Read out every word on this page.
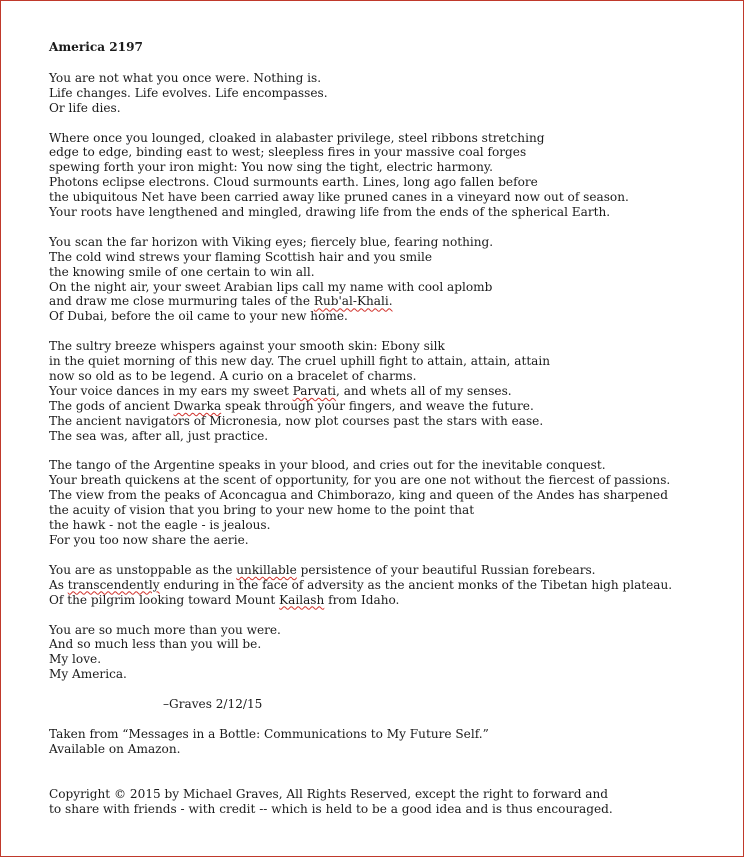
America 2197
You are not what you once were. Nothing is.
Life changes. Life evolves. Life encompasses.
Or life dies.
Where once you lounged, cloaked in alabaster privilege, steel ribbons stretching
edge to edge, binding east to west; sleepless fires in your massive coal forges
spewing forth your iron might: You now sing the tight, electric harmony.
Photons eclipse electrons. Cloud surmounts earth. Lines, long ago fallen before
the ubiquitous Net have been carried away like pruned canes in a vineyard now out of season.
Your roots have lengthened and mingled, drawing life from the ends of the spherical Earth.
You scan the far horizon with Viking eyes; fiercely blue, fearing nothing.
The cold wind strews your flaming Scottish hair and you smile
the knowing smile of one certain to win all.
On the night air, your sweet Arabian lips call my name with cool aplomb
and draw me close murmuring tales of the Rub'al-Khali.
Of Dubai, before the oil came to your new home.
The sultry breeze whispers against your smooth skin: Ebony silk
in the quiet morning of this new day. The cruel uphill fight to attain, attain, attain
now so old as to be legend. A curio on a bracelet of charms.
Your voice dances in my ears my sweet Parvati, and whets all of my senses.
The gods of ancient Dwarka speak through your fingers, and weave the future.
The ancient navigators of Micronesia, now plot courses past the stars with ease.
The sea was, after all, just practice.
The tango of the Argentine speaks in your blood, and cries out for the inevitable conquest.
Your breath quickens at the scent of opportunity, for you are one not without the fiercest of passions.
The view from the peaks of Aconcagua and Chimborazo, king and queen of the Andes has sharpened
the acuity of vision that you bring to your new home to the point that
the hawk - not the eagle - is jealous.
For you too now share the aerie.
You are as unstoppable as the unkillable persistence of your beautiful Russian forebears.
As transcendently enduring in the face of adversity as the ancient monks of the Tibetan high plateau.
Of the pilgrim looking toward Mount Kailash from Idaho.
You are so much more than you were.
And so much less than you will be.
My love.
My America.
–Graves 2/12/15
Taken from “Messages in a Bottle: Communications to My Future Self.”
Available on Amazon.
Copyright © 2015 by Michael Graves, All Rights Reserved, except the right to forward and
to share with friends - with credit -- which is held to be a good idea and is thus encouraged.
